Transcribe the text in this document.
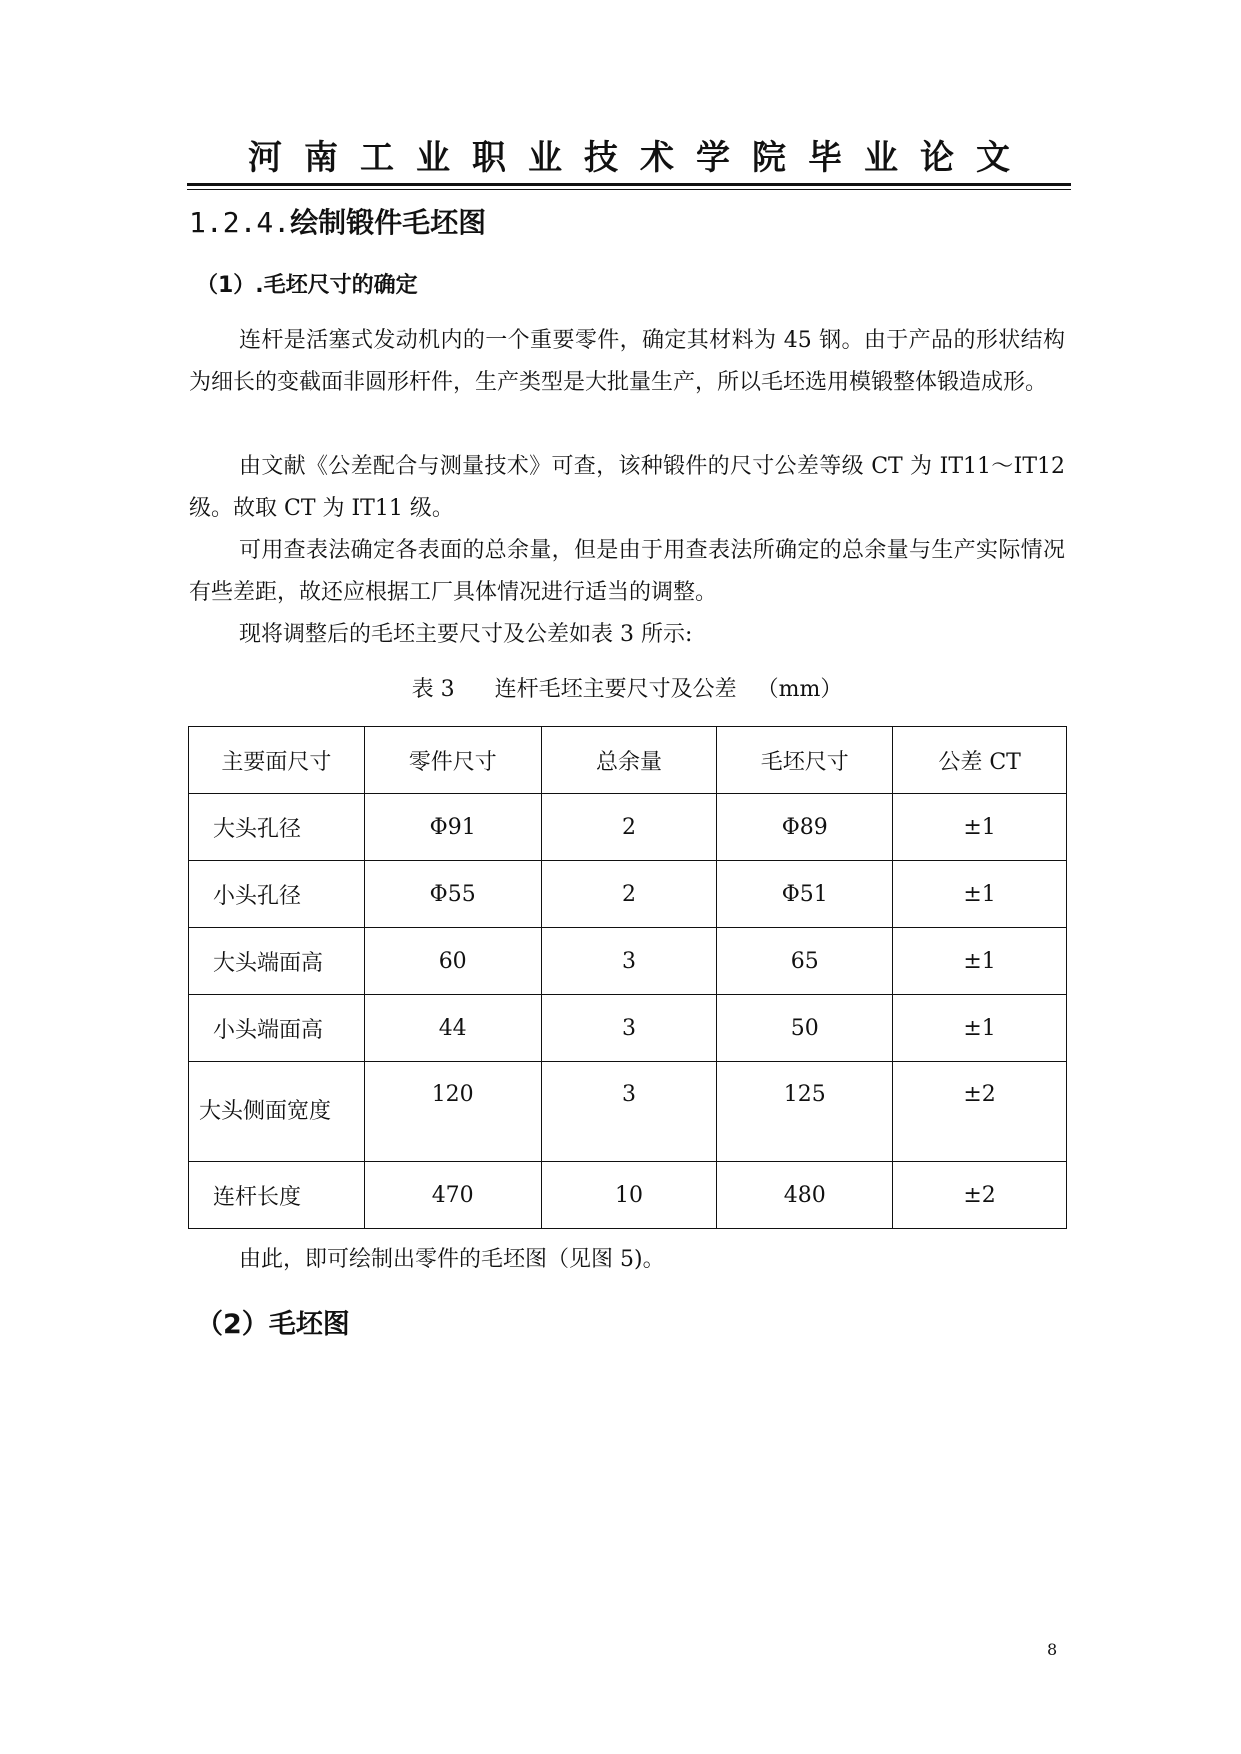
河南工业职业技术学院毕业论文
1.2.4.绘制锻件毛坯图
（1）.毛坯尺寸的确定
连杆是活塞式发动机内的一个重要零件，确定其材料为 45 钢。由于产品的形状结构为细长的变截面非圆形杆件，生产类型是大批量生产，所以毛坯选用模锻整体锻造成形。
由文献《公差配合与测量技术》可查，该种锻件的尺寸公差等级 CT 为 IT11～IT12 级。故取 CT 为 IT11 级。
可用查表法确定各表面的总余量，但是由于用查表法所确定的总余量与生产实际情况有些差距，故还应根据工厂具体情况进行适当的调整。
现将调整后的毛坯主要尺寸及公差如表 3 所示:
表 3 连杆毛坯主要尺寸及公差 （mm）
主要面尺寸	零件尺寸	总余量	毛坯尺寸	公差 CT
大头孔径	Φ91	2	Φ89	±1
小头孔径	Φ55	2	Φ51	±1
大头端面高	60	3	65	±1
小头端面高	44	3	50	±1
大头侧面宽度	120	3	125	±2
连杆长度	470	10	480	±2
由此，即可绘制出零件的毛坯图（见图 5)。
（2）毛坯图
8
